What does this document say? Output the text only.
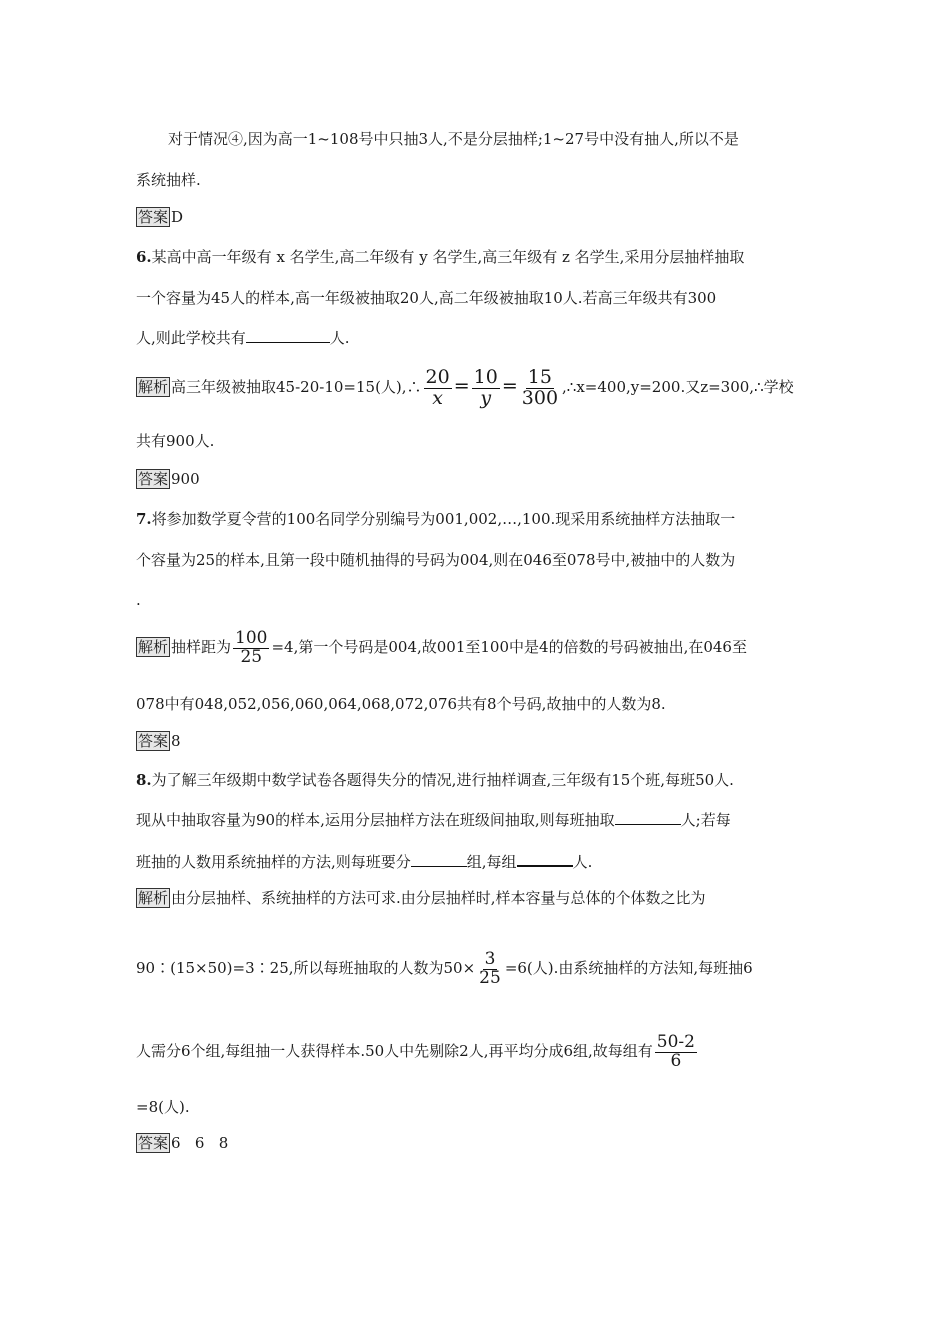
对于情况④,因为高一1~108号中只抽3人,不是分层抽样;1~27号中没有抽人,所以不是
系统抽样.
答案 D
6.某高中高一年级有 x 名学生,高二年级有 y 名学生,高三年级有 z 名学生,采用分层抽样抽取
一个容量为45人的样本,高一年级被抽取20人,高二年级被抽取10人.若高三年级共有300
人,则此学校共有	人.
解析 高三年级被抽取45-20-10=15(人),∴ $\frac{20}{x} = \frac{10}{y} = \frac{15}{300}$ ,∴x=400,y=200.又z=300,∴学校
共有900人.
答案 900
7.将参加数学夏令营的100名同学分别编号为001,002,…,100.现采用系统抽样方法抽取一
个容量为25的样本,且第一段中随机抽得的号码为004,则在046至078号中,被抽中的人数为
.
解析 抽样距为 $\frac{100}{25} =4$,第一个号码是004,故001至100中是4的倍数的号码被抽出,在046至
078中有048,052,056,060,064,068,072,076共有8个号码,故抽中的人数为8.
答案 8
8.为了解三年级期中数学试卷各题得失分的情况,进行抽样调查,三年级有15个班,每班50人.
现从中抽取容量为90的样本,运用分层抽样方法在班级间抽取,则每班抽取	人;若每
班抽的人数用系统抽样的方法,则每班要分	组,每组	人.
解析 由分层抽样、系统抽样的方法可求.由分层抽样时,样本容量与总体的个体数之比为
90∶(15×50)=3∶25,所以每班抽取的人数为$50\times \frac{3}{25} =6$(人).由系统抽样的方法知,每班抽6
人需分6个组,每组抽一人获得样本.50人中先剔除2人,再平均分成6组,故每组有 $\frac{50-2}{6}$
=8(人).
答案 6   6   8
